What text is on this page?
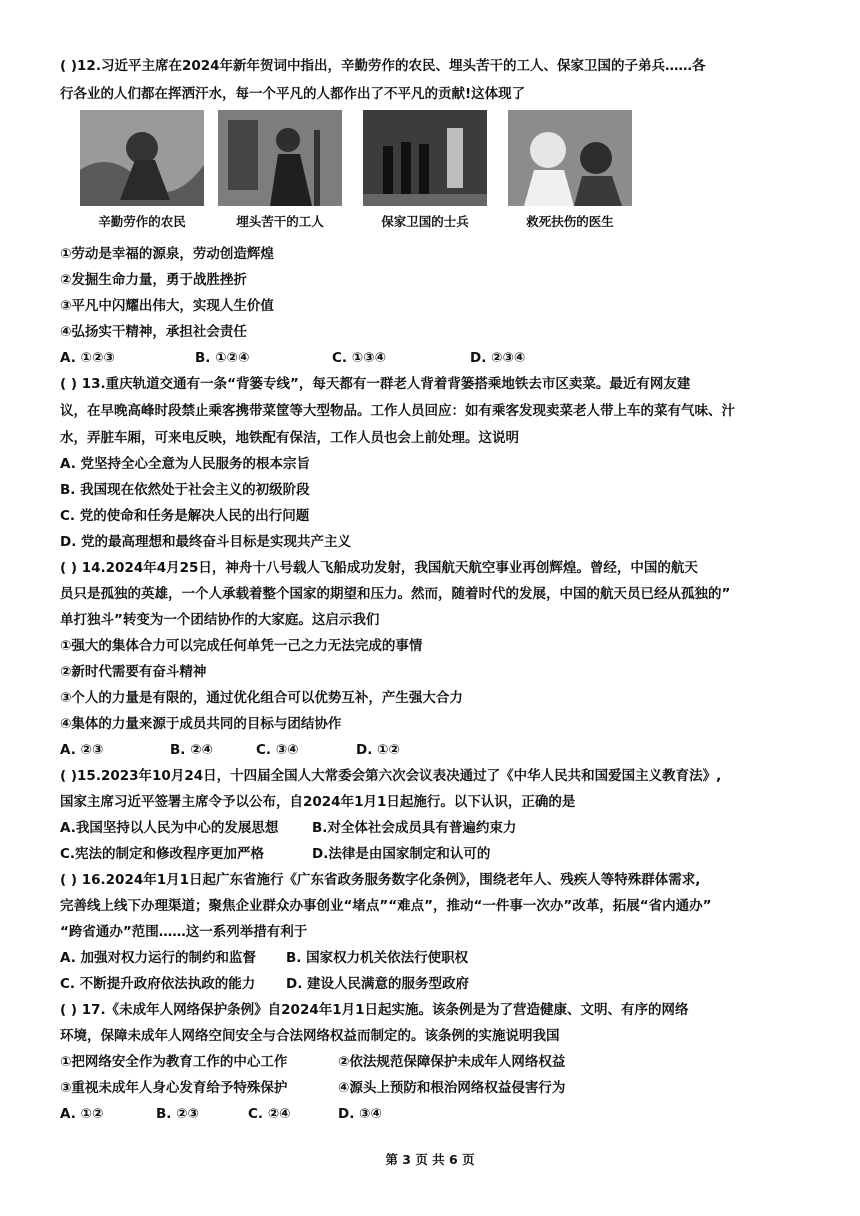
( )12.习近平主席在2024年新年贺词中指出，辛勤劳作的农民、埋头苦干的工人、保家卫国的子弟兵……各
行各业的人们都在挥洒汗水，每一个平凡的人都作出了不平凡的贡献!这体现了
辛勤劳作的农民	埋头苦干的工人	保家卫国的士兵	救死扶伤的医生
①劳动是幸福的源泉，劳动创造辉煌
②发掘生命力量，勇于战胜挫折
③平凡中闪耀出伟大，实现人生价值
④弘扬实干精神，承担社会责任
A. ①②③	B. ①②④	C. ①③④	D. ②③④
( ) 13.重庆轨道交通有一条“背篓专线”，每天都有一群老人背着背篓搭乘地铁去市区卖菜。最近有网友建
议，在早晚高峰时段禁止乘客携带菜筐等大型物品。工作人员回应：如有乘客发现卖菜老人带上车的菜有气味、汁
水，弄脏车厢，可来电反映，地铁配有保洁，工作人员也会上前处理。这说明
A. 党坚持全心全意为人民服务的根本宗旨
B. 我国现在依然处于社会主义的初级阶段
C. 党的使命和任务是解决人民的出行问题
D. 党的最高理想和最终奋斗目标是实现共产主义
( ) 14.2024年4月25日，神舟十八号载人飞船成功发射，我国航天航空事业再创辉煌。曾经，中国的航天
员只是孤独的英雄，一个人承载着整个国家的期望和压力。然而，随着时代的发展，中国的航天员已经从孤独的”
单打独斗”转变为一个团结协作的大家庭。这启示我们
①强大的集体合力可以完成任何单凭一己之力无法完成的事情
②新时代需要有奋斗精神
③个人的力量是有限的，通过优化组合可以优势互补，产生强大合力
④集体的力量来源于成员共同的目标与团结协作
A. ②③	B. ②④	C. ③④	D. ①②
( )15.2023年10月24日，十四届全国人大常委会第六次会议表决通过了《中华人民共和国爱国主义教育法》,
国家主席习近平签署主席令予以公布，自2024年1月1日起施行。以下认识，正确的是
A.我国坚持以人民为中心的发展思想 B.对全体社会成员具有普遍约束力
C.宪法的制定和修改程序更加严格	D.法律是由国家制定和认可的
( ) 16.2024年1月1日起广东省施行《广东省政务服务数字化条例》，围绕老年人、残疾人等特殊群体需求,
完善线上线下办理渠道；聚焦企业群众办事创业“堵点”“难点”，推动“一件事一次办”改革，拓展“省内通办”
“跨省通办”范围……这一系列举措有利于
A. 加强对权力运行的制约和监督 B. 国家权力机关依法行使职权
C. 不断提升政府依法执政的能力 D. 建设人民满意的服务型政府
( ) 17.《未成年人网络保护条例》自2024年1月1日起实施。该条例是为了营造健康、文明、有序的网络
环境，保障未成年人网络空间安全与合法网络权益而制定的。该条例的实施说明我国
①把网络安全作为教育工作的中心工作	②依法规范保障保护未成年人网络权益
③重视未成年人身心发育给予特殊保护	④源头上预防和根治网络权益侵害行为
A. ①②	B. ②③	C. ②④	D. ③④
第 3 页 共 6 页
